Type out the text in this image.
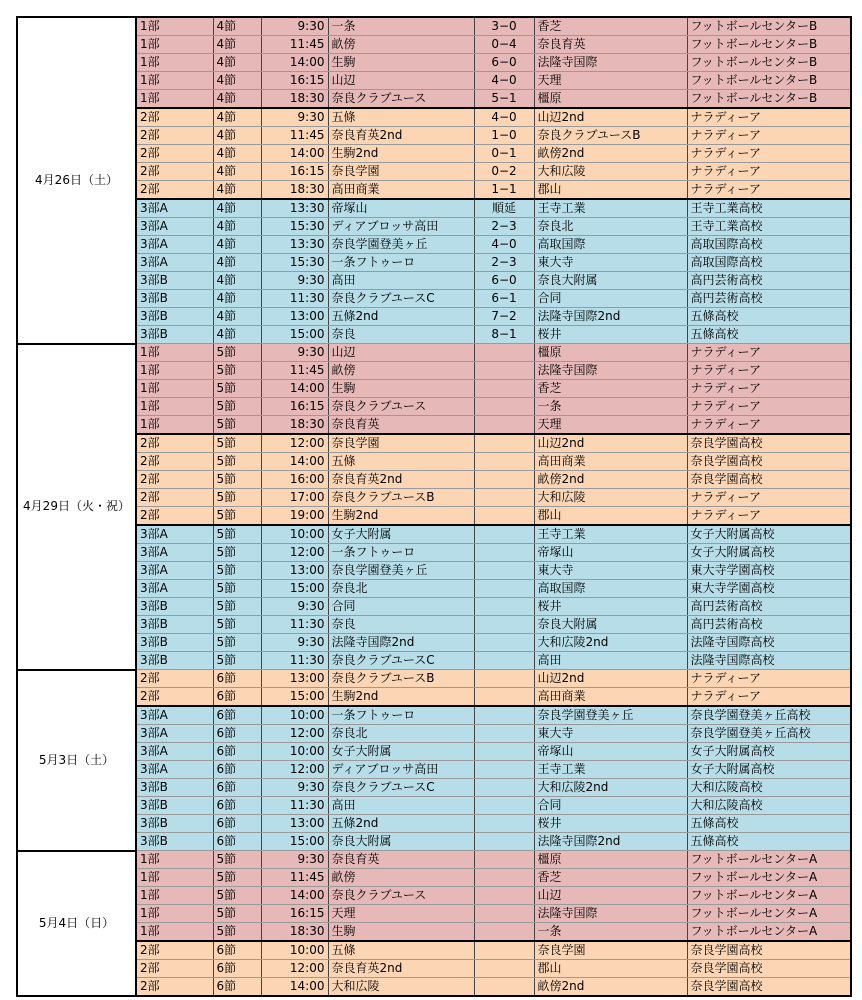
4月26日（土）	1部	4節	9:30	一条	3−0	香芝	フットボールセンターB
	1部	4節	11:45	畝傍	0−4	奈良育英	フットボールセンターB
	1部	4節	14:00	生駒	6−0	法隆寺国際	フットボールセンターB
	1部	4節	16:15	山辺	4−0	天理	フットボールセンターB
	1部	4節	18:30	奈良クラブユース	5−1	橿原	フットボールセンターB
	2部	4節	9:30	五條	4−0	山辺2nd	ナラディーア
	2部	4節	11:45	奈良育英2nd	1−0	奈良クラブユースB	ナラディーア
	2部	4節	14:00	生駒2nd	0−1	畝傍2nd	ナラディーア
	2部	4節	16:15	奈良学園	0−2	大和広陵	ナラディーア
	2部	4節	18:30	高田商業	1−1	郡山	ナラディーア
	3部A	4節	13:30	帝塚山	順延	王寺工業	王寺工業高校
	3部A	4節	15:30	ディアブロッサ高田	2−3	奈良北	王寺工業高校
	3部A	4節	13:30	奈良学園登美ヶ丘	4−0	高取国際	高取国際高校
	3部A	4節	15:30	一条フトゥーロ	2−3	東大寺	高取国際高校
	3部B	4節	9:30	高田	6−0	奈良大附属	高円芸術高校
	3部B	4節	11:30	奈良クラブユースC	6−1	合同	高円芸術高校
	3部B	4節	13:00	五條2nd	7−2	法隆寺国際2nd	五條高校
	3部B	4節	15:00	奈良	8−1	桜井	五條高校
4月29日（火・祝）	1部	5節	9:30	山辺		橿原	ナラディーア
	1部	5節	11:45	畝傍		法隆寺国際	ナラディーア
	1部	5節	14:00	生駒		香芝	ナラディーア
	1部	5節	16:15	奈良クラブユース		一条	ナラディーア
	1部	5節	18:30	奈良育英		天理	ナラディーア
	2部	5節	12:00	奈良学園		山辺2nd	奈良学園高校
	2部	5節	14:00	五條		高田商業	奈良学園高校
	2部	5節	16:00	奈良育英2nd		畝傍2nd	奈良学園高校
	2部	5節	17:00	奈良クラブユースB		大和広陵	ナラディーア
	2部	5節	19:00	生駒2nd		郡山	ナラディーア
	3部A	5節	10:00	女子大附属		王寺工業	女子大附属高校
	3部A	5節	12:00	一条フトゥーロ		帝塚山	女子大附属高校
	3部A	5節	13:00	奈良学園登美ヶ丘		東大寺	東大寺学園高校
	3部A	5節	15:00	奈良北		高取国際	東大寺学園高校
	3部B	5節	9:30	合同		桜井	高円芸術高校
	3部B	5節	11:30	奈良		奈良大附属	高円芸術高校
	3部B	5節	9:30	法隆寺国際2nd		大和広陵2nd	法隆寺国際高校
	3部B	5節	11:30	奈良クラブユースC		高田	法隆寺国際高校
5月3日（土）	2部	6節	13:00	奈良クラブユースB		山辺2nd	ナラディーア
	2部	6節	15:00	生駒2nd		高田商業	ナラディーア
	3部A	6節	10:00	一条フトゥーロ		奈良学園登美ヶ丘	奈良学園登美ヶ丘高校
	3部A	6節	12:00	奈良北		東大寺	奈良学園登美ヶ丘高校
	3部A	6節	10:00	女子大附属		帝塚山	女子大附属高校
	3部A	6節	12:00	ディアブロッサ高田		王寺工業	女子大附属高校
	3部B	6節	9:30	奈良クラブユースC		大和広陵2nd	大和広陵高校
	3部B	6節	11:30	高田		合同	大和広陵高校
	3部B	6節	13:00	五條2nd		桜井	五條高校
	3部B	6節	15:00	奈良大附属		法隆寺国際2nd	五條高校
5月4日（日）	1部	5節	9:30	奈良育英		橿原	フットボールセンターA
	1部	5節	11:45	畝傍		香芝	フットボールセンターA
	1部	5節	14:00	奈良クラブユース		山辺	フットボールセンターA
	1部	5節	16:15	天理		法隆寺国際	フットボールセンターA
	1部	5節	18:30	生駒		一条	フットボールセンターA
	2部	6節	10:00	五條		奈良学園	奈良学園高校
	2部	6節	12:00	奈良育英2nd		郡山	奈良学園高校
	2部	6節	14:00	大和広陵		畝傍2nd	奈良学園高校
